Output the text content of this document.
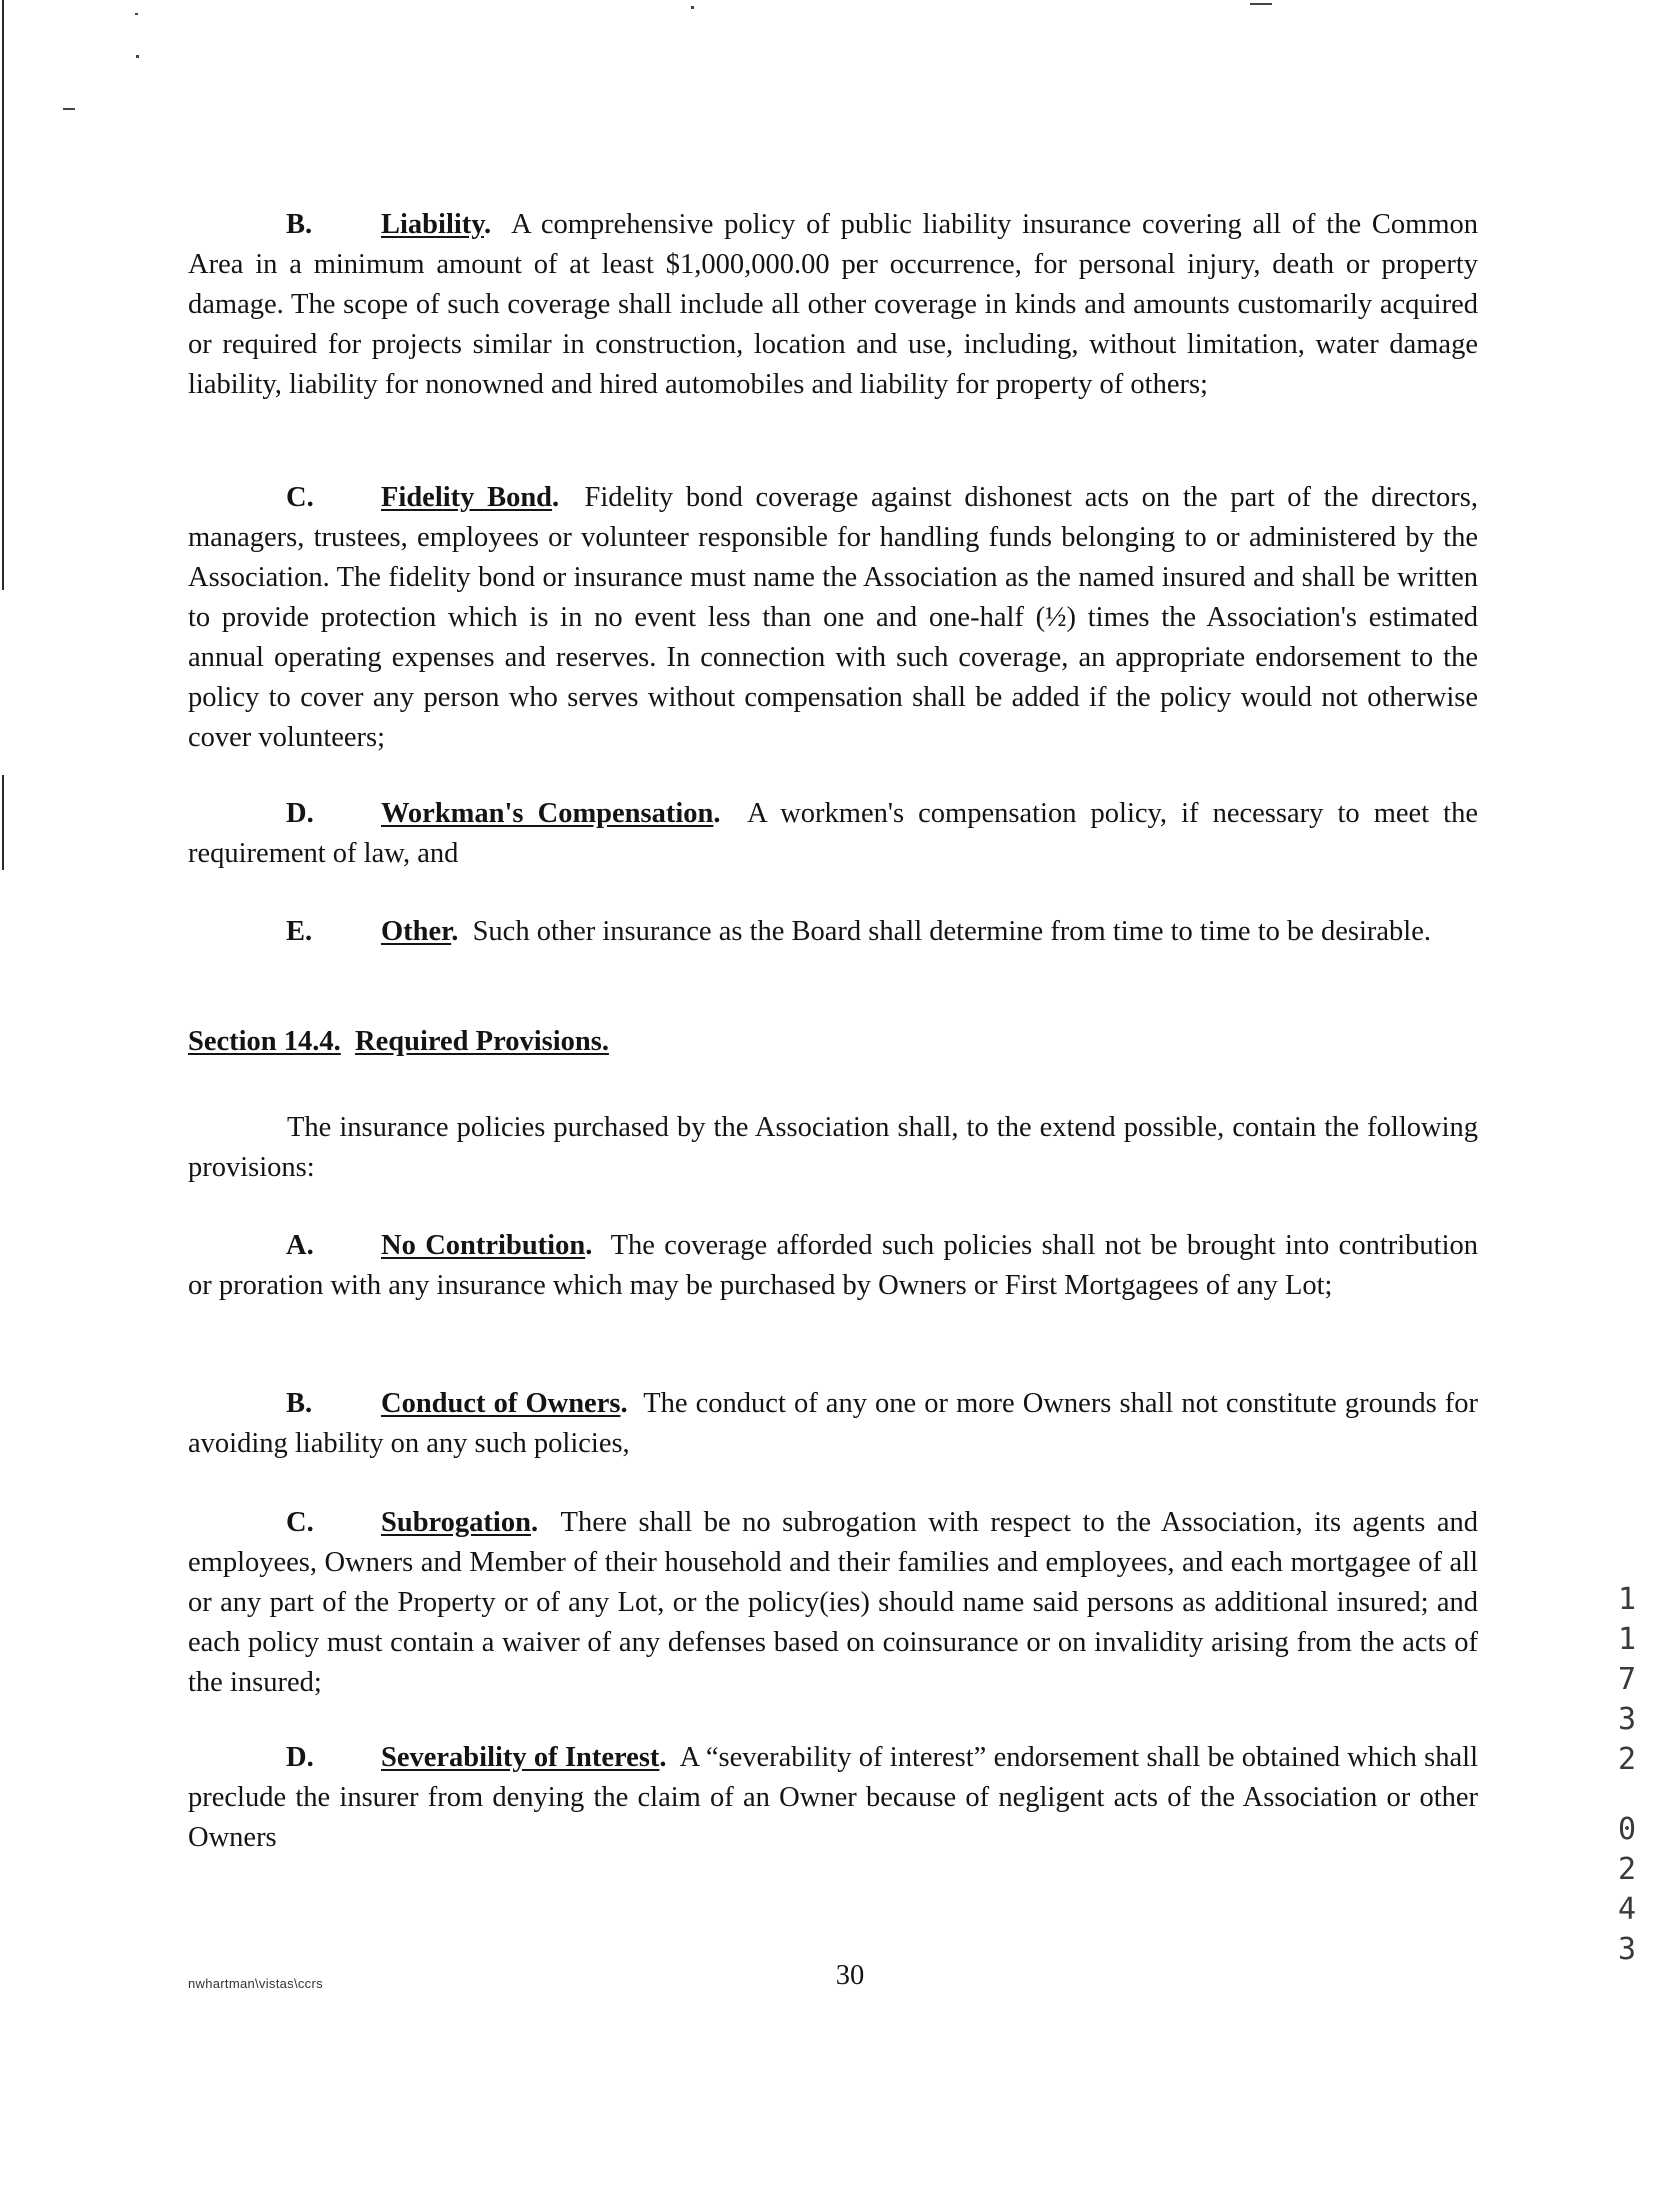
B. Liability. A comprehensive policy of public liability insurance covering all of the Common Area in a minimum amount of at least $1,000,000.00 per occurrence, for personal injury, death or property damage. The scope of such coverage shall include all other coverage in kinds and amounts customarily acquired or required for projects similar in construction, location and use, including, without limitation, water damage liability, liability for nonowned and hired automobiles and liability for property of others;
C. Fidelity Bond. Fidelity bond coverage against dishonest acts on the part of the directors, managers, trustees, employees or volunteer responsible for handling funds belonging to or administered by the Association. The fidelity bond or insurance must name the Association as the named insured and shall be written to provide protection which is in no event less than one and one-half (½) times the Association's estimated annual operating expenses and reserves. In connection with such coverage, an appropriate endorsement to the policy to cover any person who serves without compensation shall be added if the policy would not otherwise cover volunteers;
D. Workman's Compensation. A workmen's compensation policy, if necessary to meet the requirement of law, and
E. Other. Such other insurance as the Board shall determine from time to time to be desirable.
Section 14.4. Required Provisions.
The insurance policies purchased by the Association shall, to the extend possible, contain the following provisions:
A. No Contribution. The coverage afforded such policies shall not be brought into contribution or proration with any insurance which may be purchased by Owners or First Mortgagees of any Lot;
B. Conduct of Owners. The conduct of any one or more Owners shall not constitute grounds for avoiding liability on any such policies,
C. Subrogation. There shall be no subrogation with respect to the Association, its agents and employees, Owners and Member of their household and their families and employees, and each mortgagee of all or any part of the Property or of any Lot, or the policy(ies) should name said persons as additional insured; and each policy must contain a waiver of any defenses based on coinsurance or on invalidity arising from the acts of the insured;
D. Severability of Interest. A “severability of interest” endorsement shall be obtained which shall preclude the insurer from denying the claim of an Owner because of negligent acts of the Association or other Owners
1
1
7
3
2
0
2
4
3
nwhartman\vistas\ccrs	30
